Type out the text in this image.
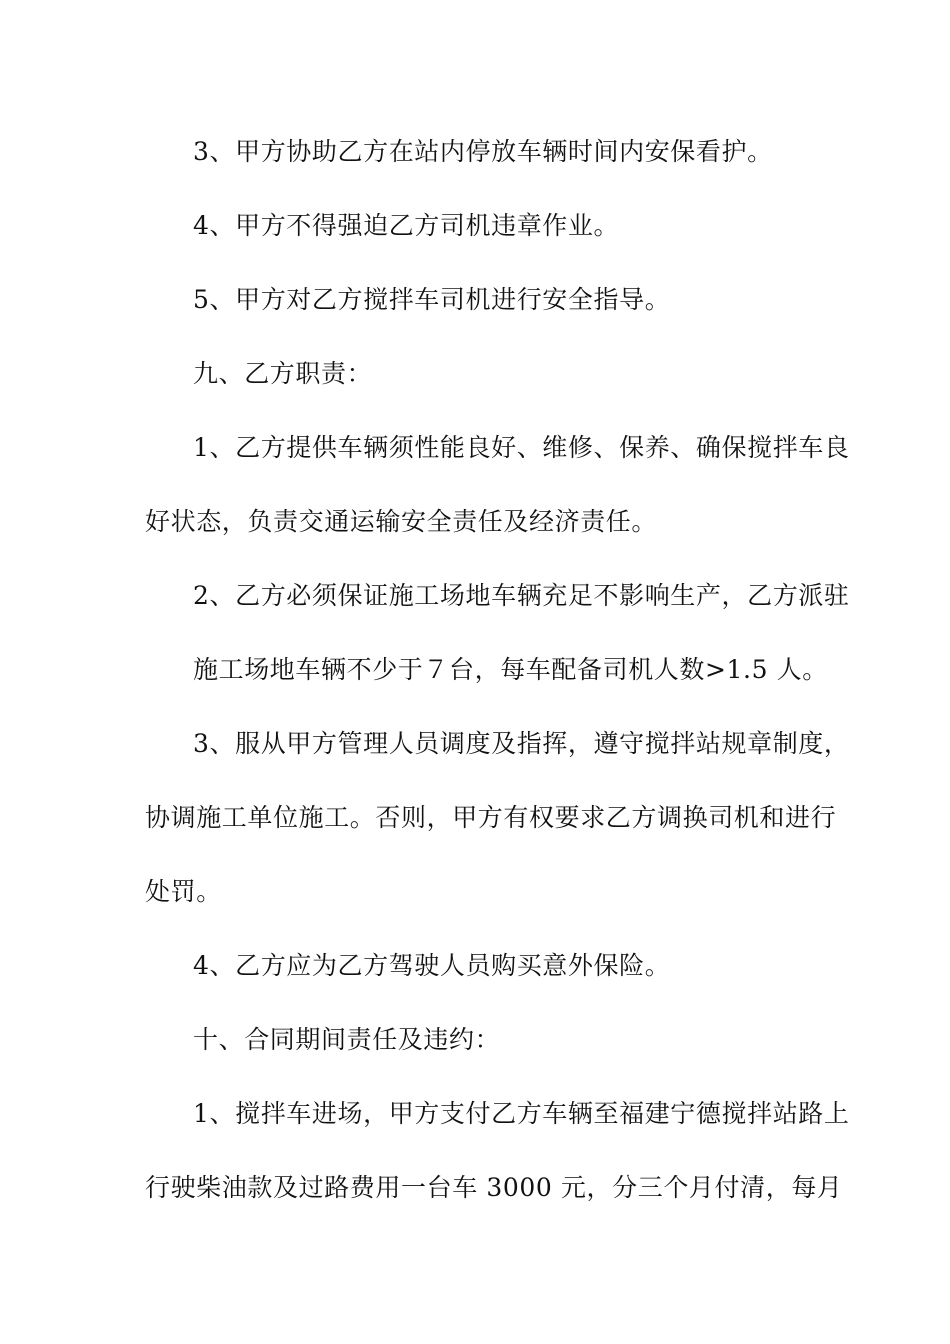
3、甲方协助乙方在站内停放车辆时间内安保看护。
4、甲方不得强迫乙方司机违章作业。
5、甲方对乙方搅拌车司机进行安全指导。
九、乙方职责：
1、乙方提供车辆须性能良好、维修、保养、确保搅拌车良
好状态，负责交通运输安全责任及经济责任。
2、乙方必须保证施工场地车辆充足不影响生产，乙方派驻
施工场地车辆不少于７台，每车配备司机人数>1.5 人。
3、服从甲方管理人员调度及指挥，遵守搅拌站规章制度，
协调施工单位施工。否则，甲方有权要求乙方调换司机和进行
处罚。
4、乙方应为乙方驾驶人员购买意外保险。
十、合同期间责任及违约：
1、搅拌车进场，甲方支付乙方车辆至福建宁德搅拌站路上
行驶柴油款及过路费用一台车 3000 元，分三个月付清，每月
